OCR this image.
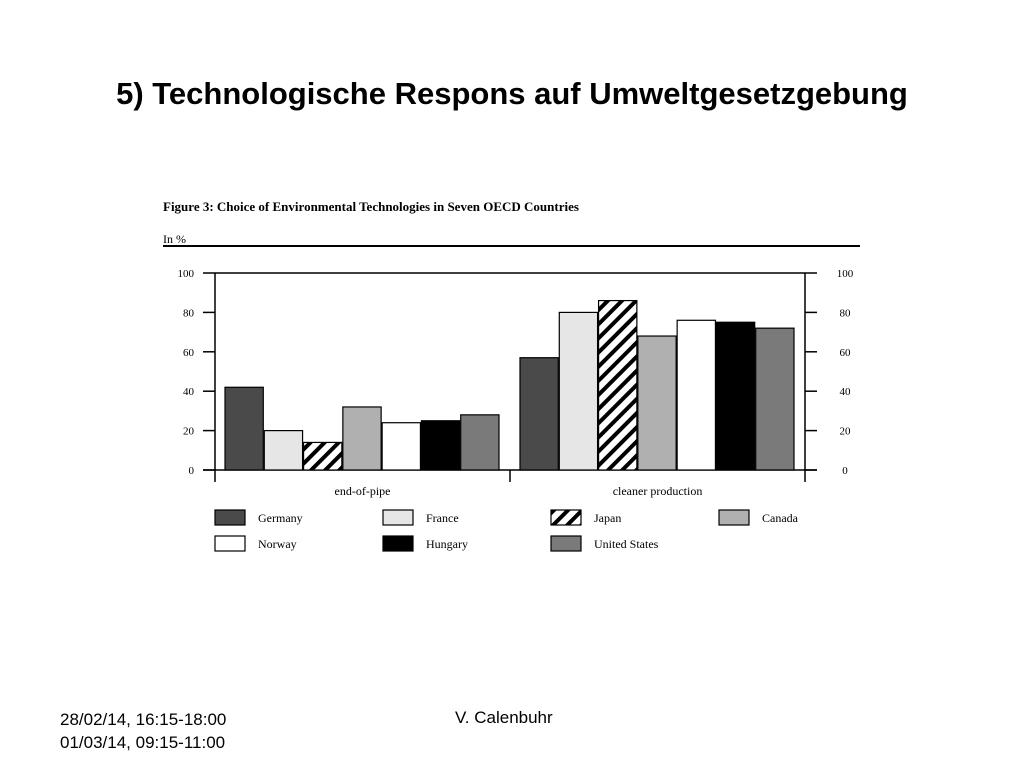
5) Technologische Respons auf Umweltgesetzgebung
Figure 3: Choice of Environmental Technologies in Seven OECD Countries
In %
0	0
20	20
40	40
60	60
80	80
100	100
end-of-pipe	cleaner production
Germany	France	Japan	Canada
Norway	Hungary	United States
28/02/14, 16:15-18:00
01/03/14, 09:15-11:00
V. Calenbuhr
